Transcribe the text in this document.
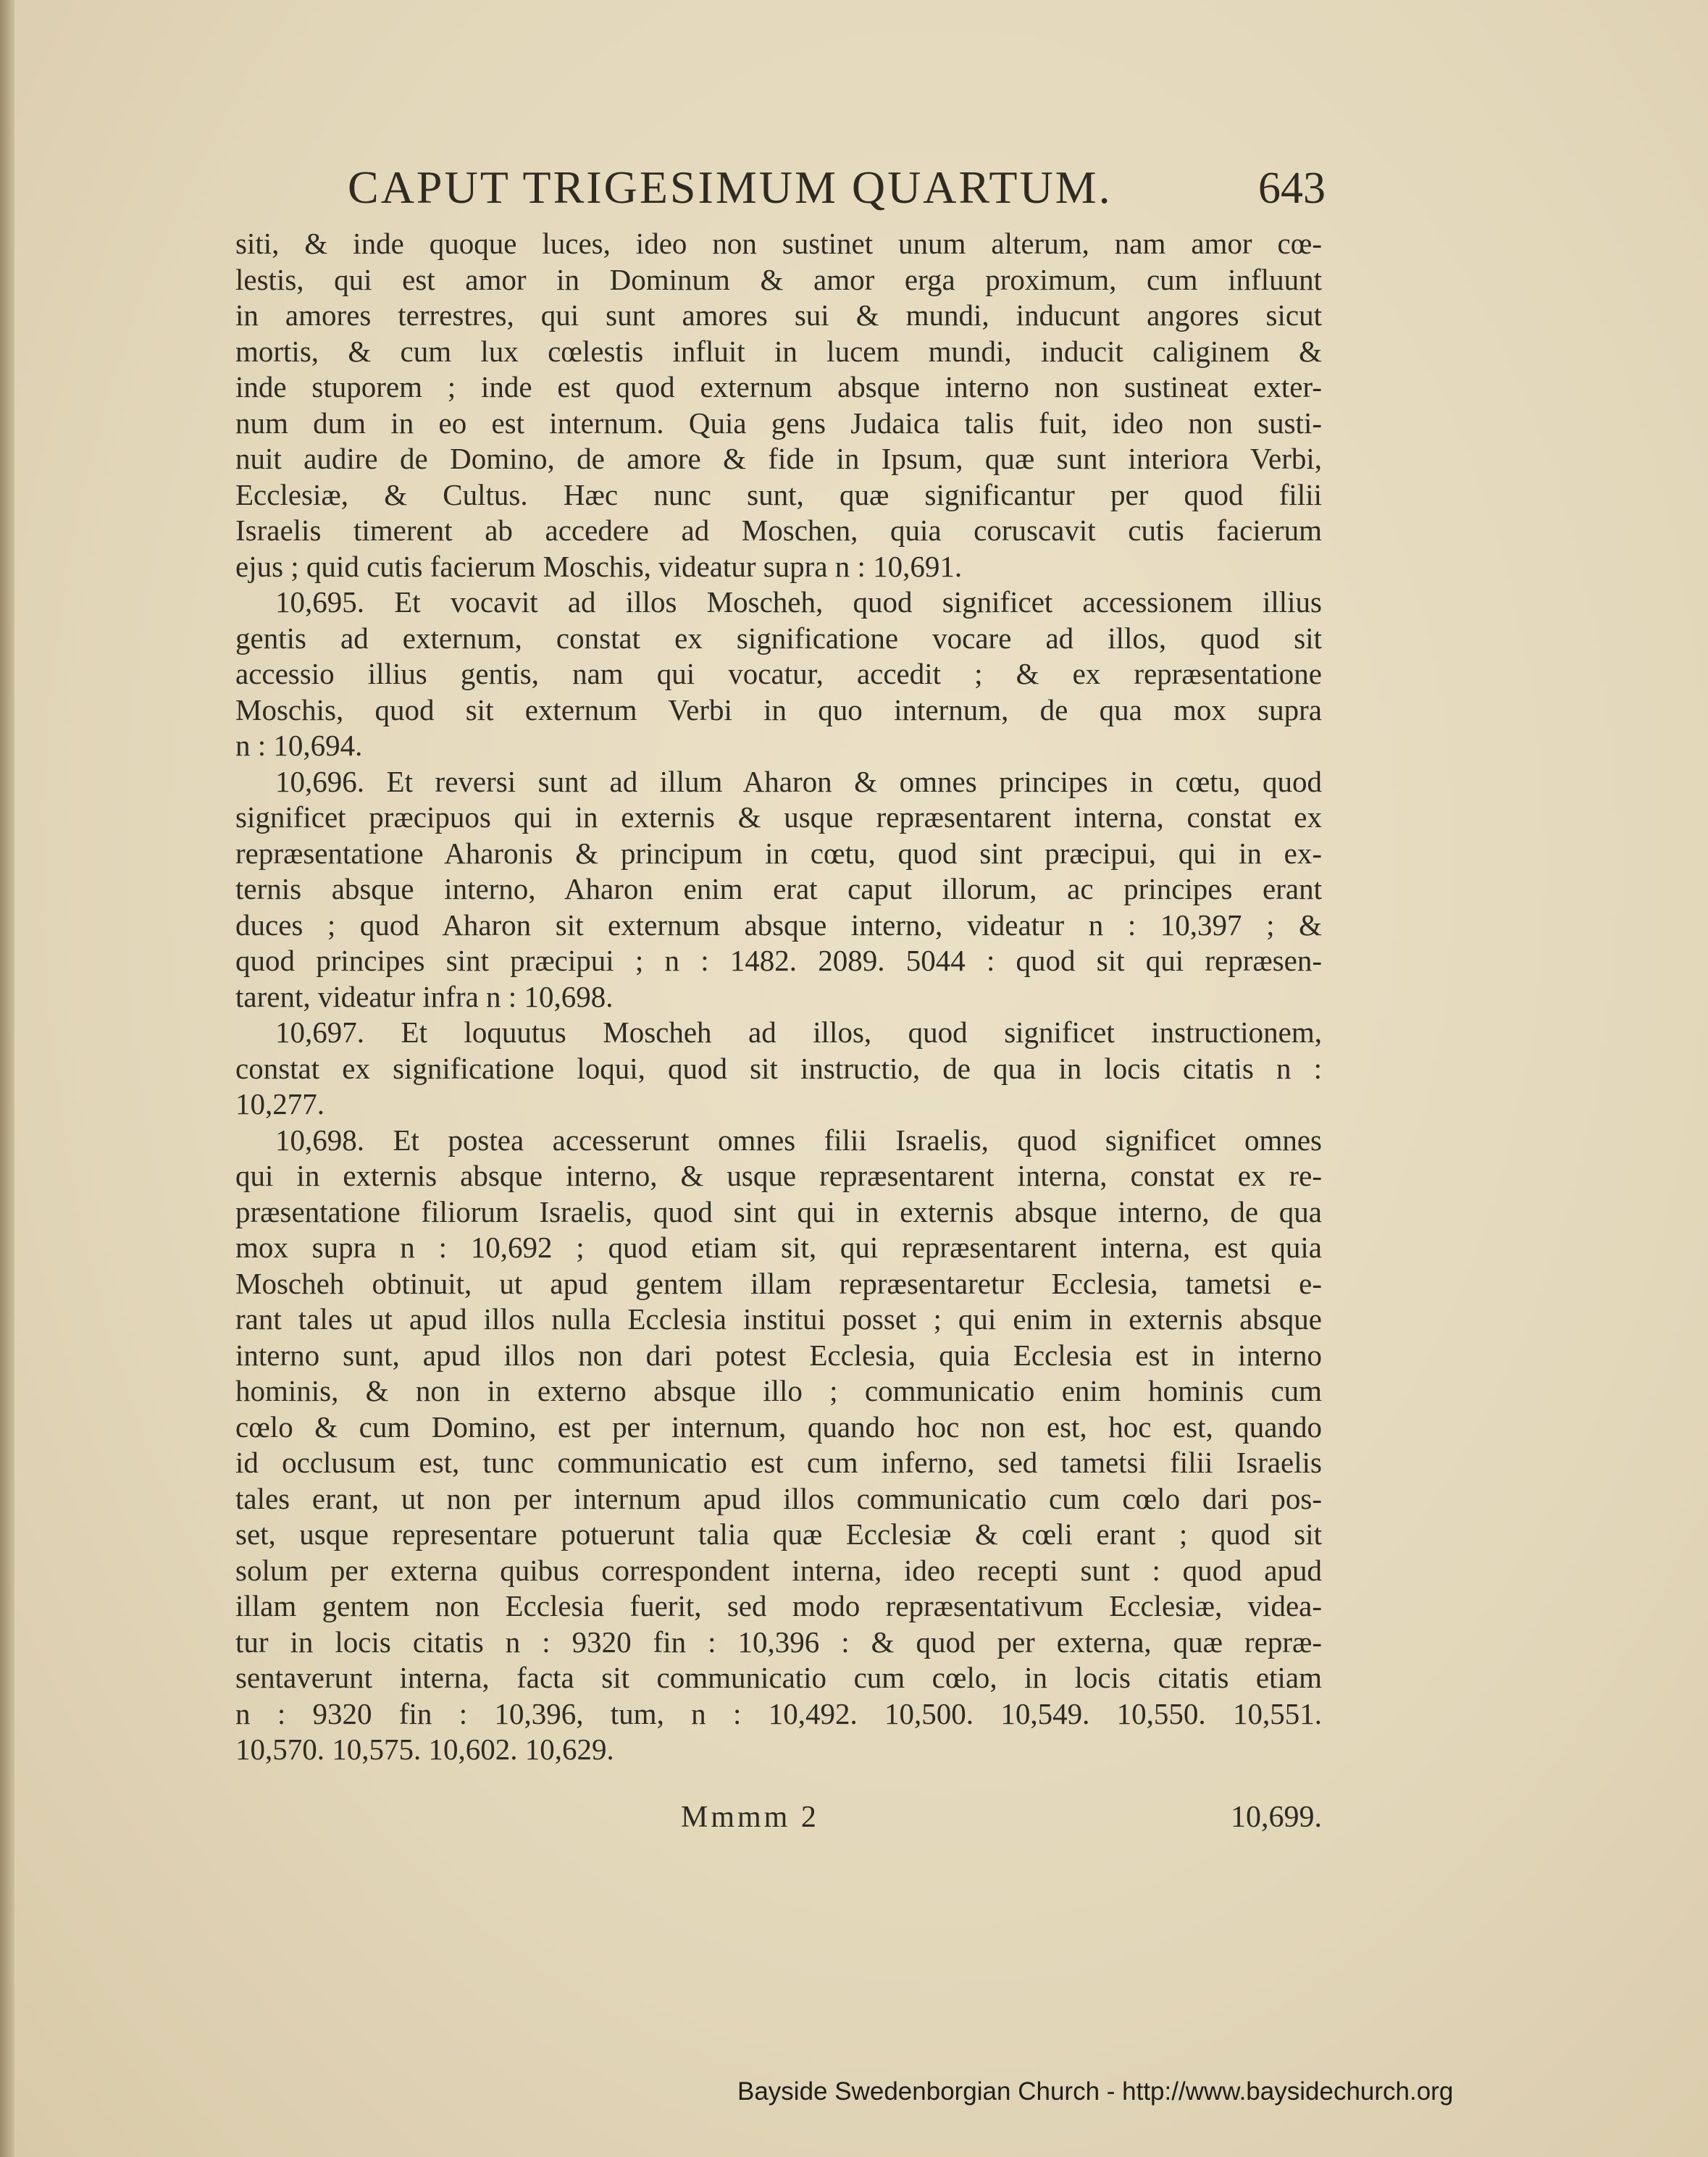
CAPUT TRIGESIMUM QUARTUM.	643
siti, & inde quoque luces, ideo non sustinet unum alterum, nam amor cœ-
lestis, qui est amor in Dominum & amor erga proximum, cum influunt
in amores terrestres, qui sunt amores sui & mundi, inducunt angores sicut
mortis, & cum lux cœlestis influit in lucem mundi, inducit caliginem &
inde stuporem ; inde est quod externum absque interno non sustineat exter-
num dum in eo est internum. Quia gens Judaica talis fuit, ideo non susti-
nuit audire de Domino, de amore & fide in Ipsum, quæ sunt interiora Verbi,
Ecclesiæ, & Cultus. Hæc nunc sunt, quæ significantur per quod filii
Israelis timerent ab accedere ad Moschen, quia coruscavit cutis facierum
ejus ; quid cutis facierum Moschis, videatur supra n : 10,691.
10,695. Et vocavit ad illos Moscheh, quod significet accessionem illius
gentis ad externum, constat ex significatione vocare ad illos, quod sit
accessio illius gentis, nam qui vocatur, accedit ; & ex repræsentatione
Moschis, quod sit externum Verbi in quo internum, de qua mox supra
n : 10,694.
10,696. Et reversi sunt ad illum Aharon & omnes principes in cœtu, quod
significet præcipuos qui in externis & usque repræsentarent interna, constat ex
repræsentatione Aharonis & principum in cœtu, quod sint præcipui, qui in ex-
ternis absque interno, Aharon enim erat caput illorum, ac principes erant
duces ; quod Aharon sit externum absque interno, videatur n : 10,397 ; &
quod principes sint præcipui ; n : 1482. 2089. 5044 : quod sit qui repræsen-
tarent, videatur infra n : 10,698.
10,697. Et loquutus Moscheh ad illos, quod significet instructionem,
constat ex significatione loqui, quod sit instructio, de qua in locis citatis n :
10,277.
10,698. Et postea accesserunt omnes filii Israelis, quod significet omnes
qui in externis absque interno, & usque repræsentarent interna, constat ex re-
præsentatione filiorum Israelis, quod sint qui in externis absque interno, de qua
mox supra n : 10,692 ; quod etiam sit, qui repræsentarent interna, est quia
Moscheh obtinuit, ut apud gentem illam repræsentaretur Ecclesia, tametsi e-
rant tales ut apud illos nulla Ecclesia institui posset ; qui enim in externis absque
interno sunt, apud illos non dari potest Ecclesia, quia Ecclesia est in interno
hominis, & non in externo absque illo ; communicatio enim hominis cum
cœlo & cum Domino, est per internum, quando hoc non est, hoc est, quando
id occlusum est, tunc communicatio est cum inferno, sed tametsi filii Israelis
tales erant, ut non per internum apud illos communicatio cum cœlo dari pos-
set, usque representare potuerunt talia quæ Ecclesiæ & cœli erant ; quod sit
solum per externa quibus correspondent interna, ideo recepti sunt : quod apud
illam gentem non Ecclesia fuerit, sed modo repræsentativum Ecclesiæ, videa-
tur in locis citatis n : 9320 fin : 10,396 : & quod per externa, quæ repræ-
sentaverunt interna, facta sit communicatio cum cœlo, in locis citatis etiam
n : 9320 fin : 10,396, tum, n : 10,492. 10,500. 10,549. 10,550. 10,551.
10,570. 10,575. 10,602. 10,629.
Mmmm 2	10,699.
Bayside Swedenborgian Church - http://www.baysidechurch.org
